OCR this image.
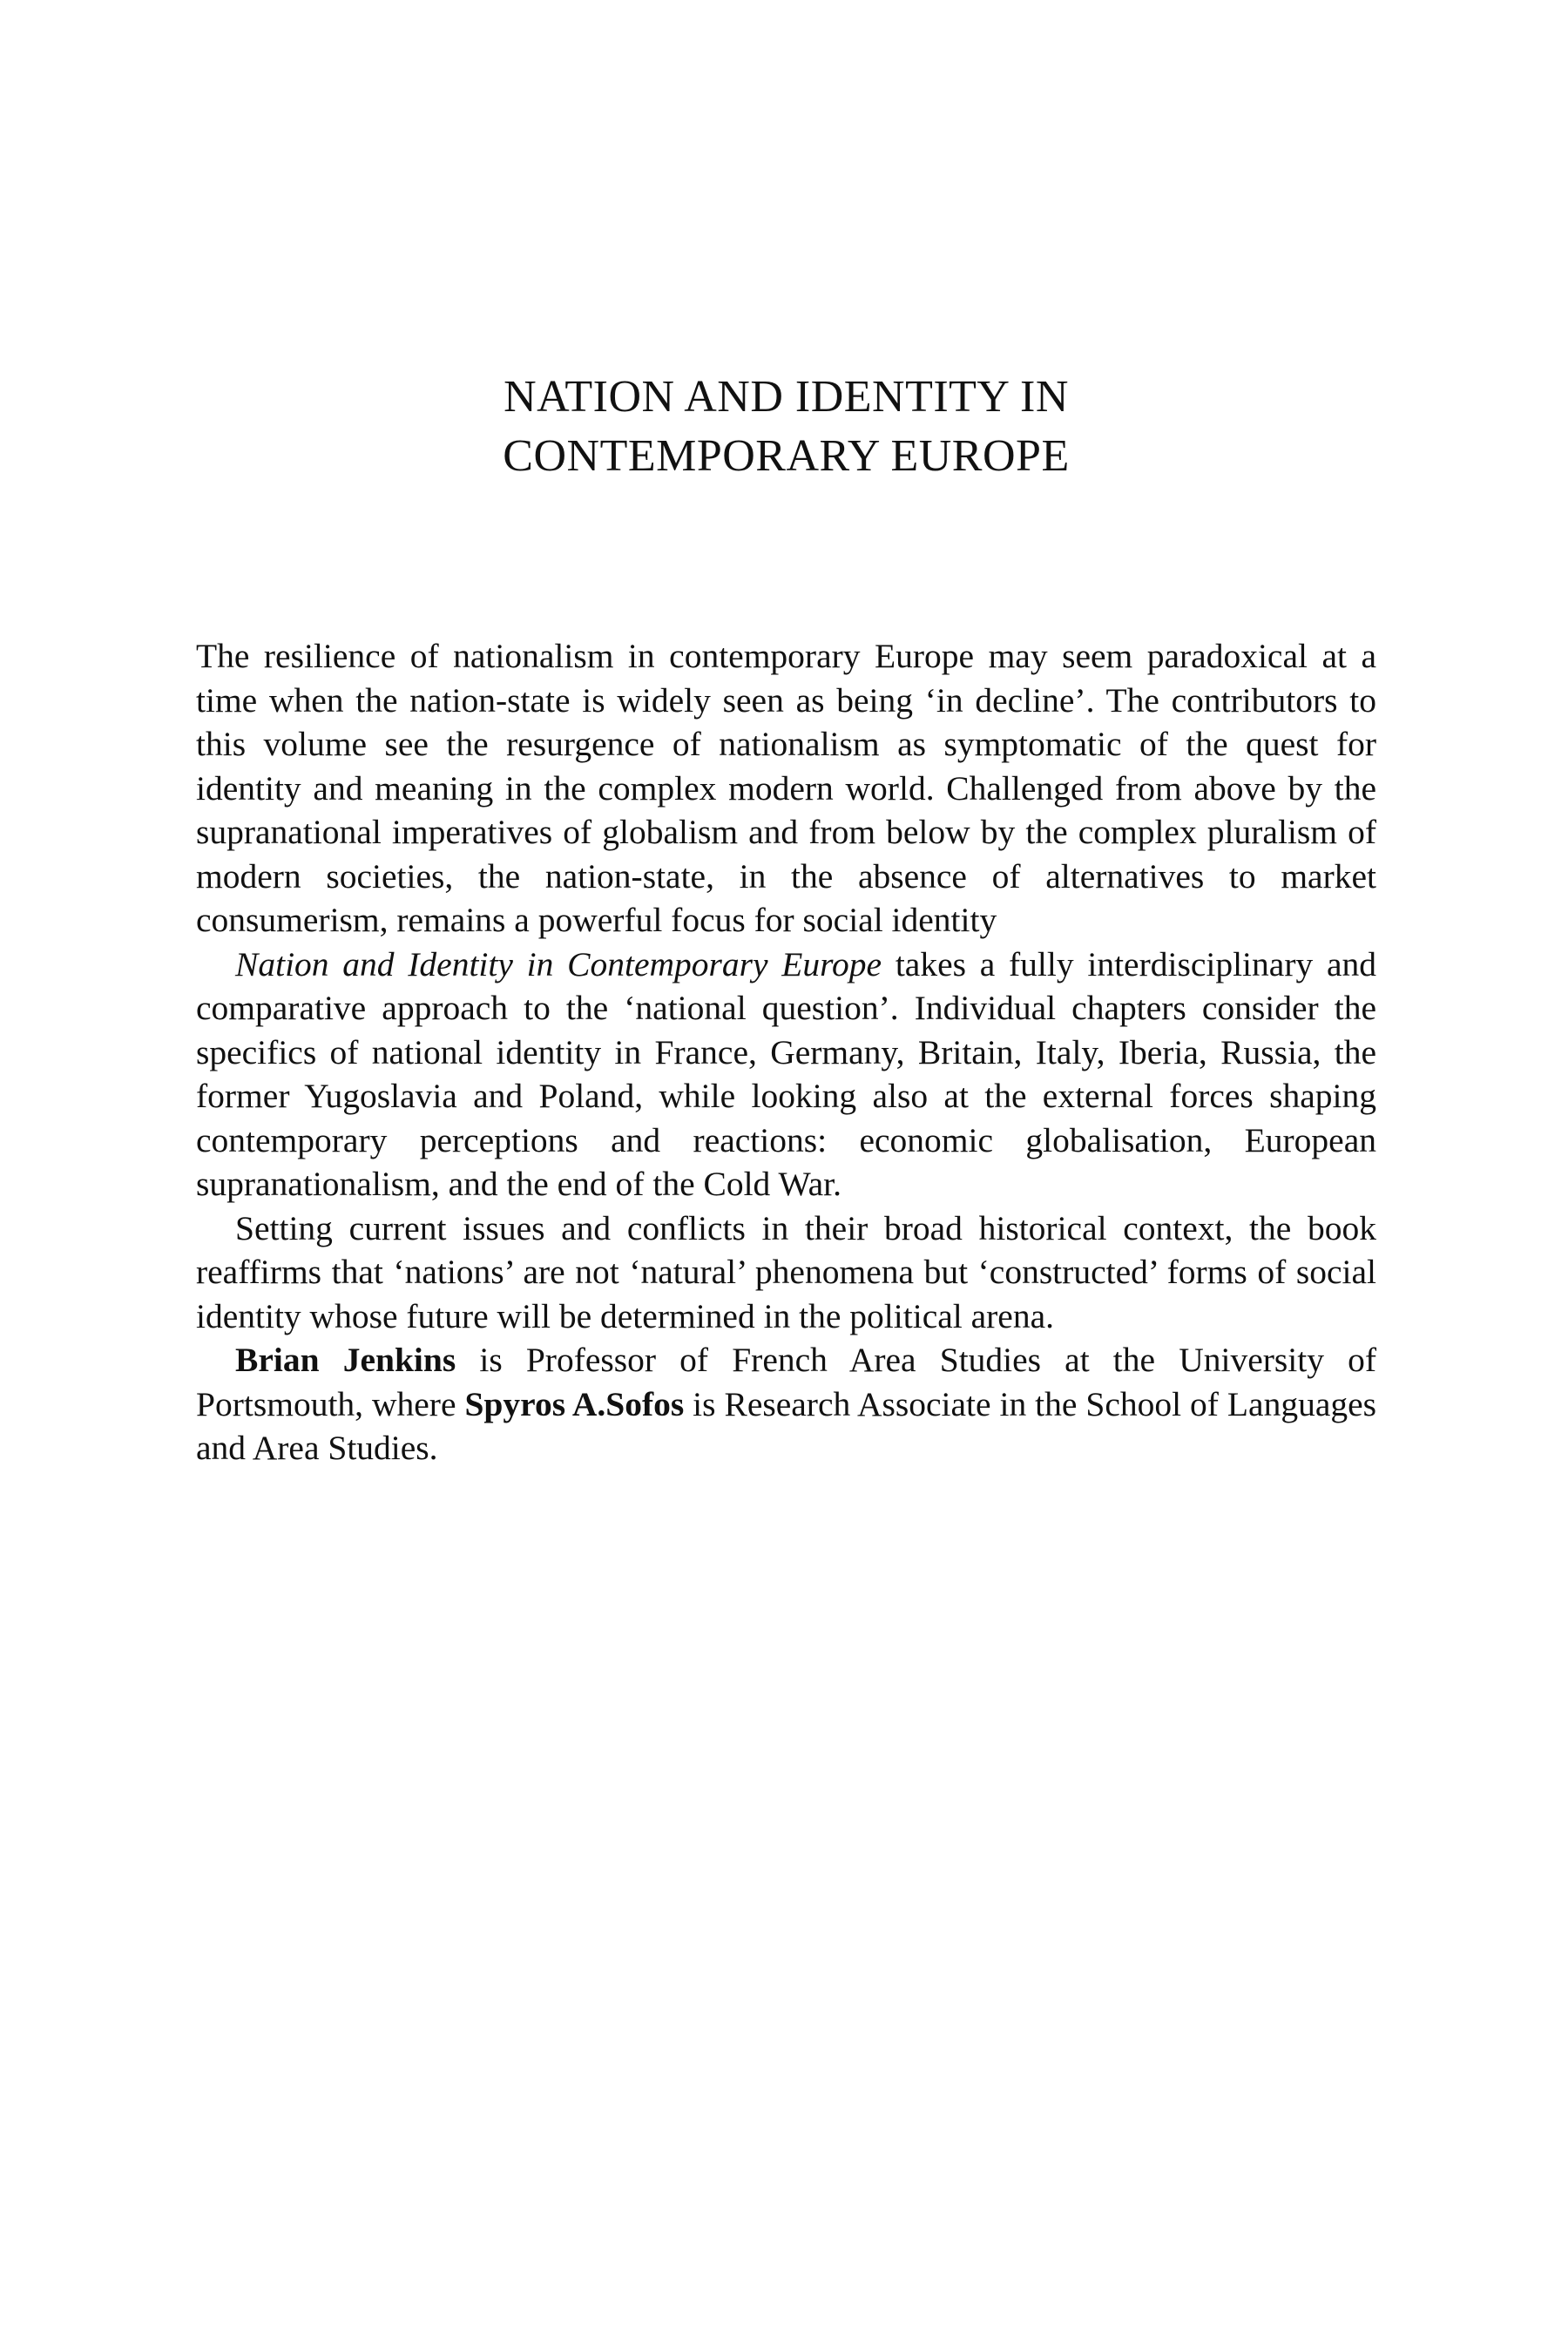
NATION AND IDENTITY IN
CONTEMPORARY EUROPE

The resilience of nationalism in contemporary Europe may seem paradoxical at a time when the nation-state is widely seen as being ‘in decline’. The contributors to this volume see the resurgence of nationalism as symptomatic of the quest for identity and meaning in the complex modern world. Challenged from above by the supranational imperatives of globalism and from below by the complex pluralism of modern societies, the nation-state, in the absence of alternatives to market consumerism, remains a powerful focus for social identity

Nation and Identity in Contemporary Europe takes a fully interdisciplinary and comparative approach to the ‘national question’. Individual chapters consider the specifics of national identity in France, Germany, Britain, Italy, Iberia, Russia, the former Yugoslavia and Poland, while looking also at the external forces shaping contemporary perceptions and reactions: economic globalisation, European supranationalism, and the end of the Cold War.

Setting current issues and conflicts in their broad historical context, the book reaffirms that ‘nations’ are not ‘natural’ phenomena but ‘constructed’ forms of social identity whose future will be determined in the political arena.

Brian Jenkins is Professor of French Area Studies at the University of Portsmouth, where Spyros A.Sofos is Research Associate in the School of Languages and Area Studies.
